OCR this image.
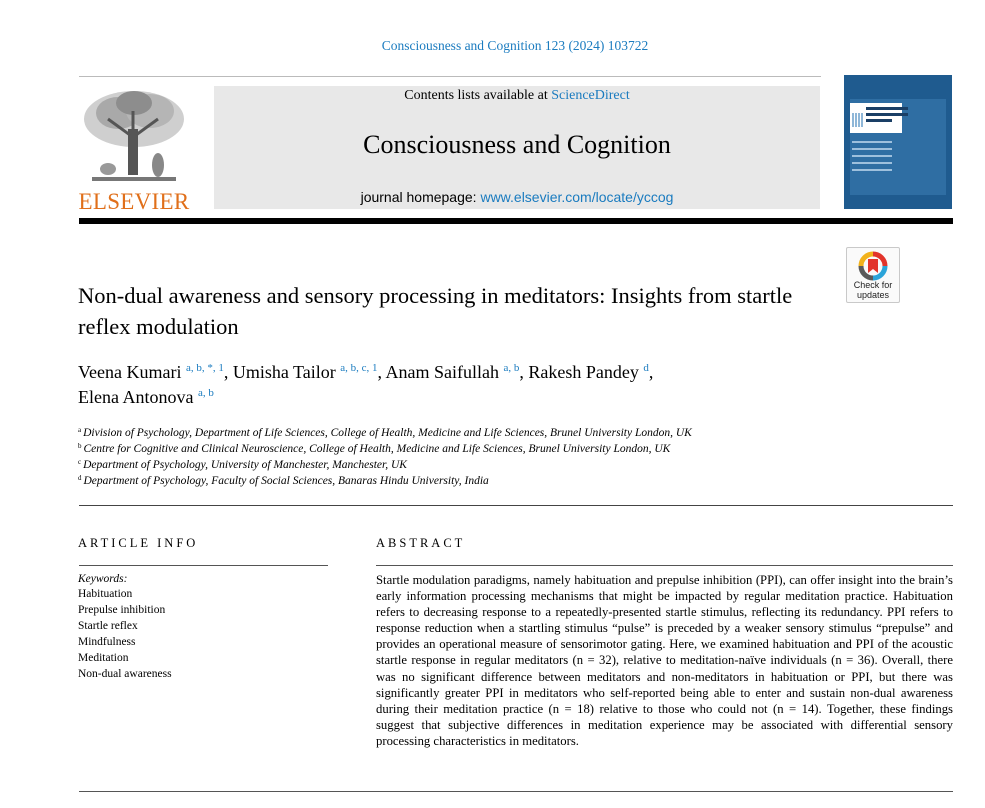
Consciousness and Cognition 123 (2024) 103722
ELSEVIER
Contents lists available at ScienceDirect
Consciousness and Cognition
journal homepage: www.elsevier.com/locate/yccog
Check for
updates
Non-dual awareness and sensory processing in meditators: Insights from startle reflex modulation
Veena Kumari $^{a, b, *, 1}$, Umisha Tailor $^{a, b, c, 1}$, Anam Saifullah $^{a, b}$, Rakesh Pandey $^d$,
Elena Antonova $^{a, b}$
$^a$ Division of Psychology, Department of Life Sciences, College of Health, Medicine and Life Sciences, Brunel University London, UK
$^b$ Centre for Cognitive and Clinical Neuroscience, College of Health, Medicine and Life Sciences, Brunel University London, UK
$^c$ Department of Psychology, University of Manchester, Manchester, UK
$^d$ Department of Psychology, Faculty of Social Sciences, Banaras Hindu University, India
ARTICLE INFO
Keywords:
Habituation
Prepulse inhibition
Startle reflex
Mindfulness
Meditation
Non-dual awareness
ABSTRACT
Startle modulation paradigms, namely habituation and prepulse inhibition (PPI), can offer insight into the brain’s early information processing mechanisms that might be impacted by regular meditation practice. Habituation refers to decreasing response to a repeatedly-presented startle stimulus, reflecting its redundancy. PPI refers to response reduction when a startling stimulus “pulse” is preceded by a weaker sensory stimulus “prepulse” and provides an operational measure of sensorimotor gating. Here, we examined habituation and PPI of the acoustic startle response in regular meditators (n = 32), relative to meditation-naïve individuals (n = 36). Overall, there was no significant difference between meditators and non-meditators in habituation or PPI, but there was significantly greater PPI in meditators who self-reported being able to enter and sustain non-dual awareness during their meditation practice (n = 18) relative to those who could not (n = 14). Together, these findings suggest that subjective differences in meditation experience may be associated with differential sensory processing characteristics in meditators.
